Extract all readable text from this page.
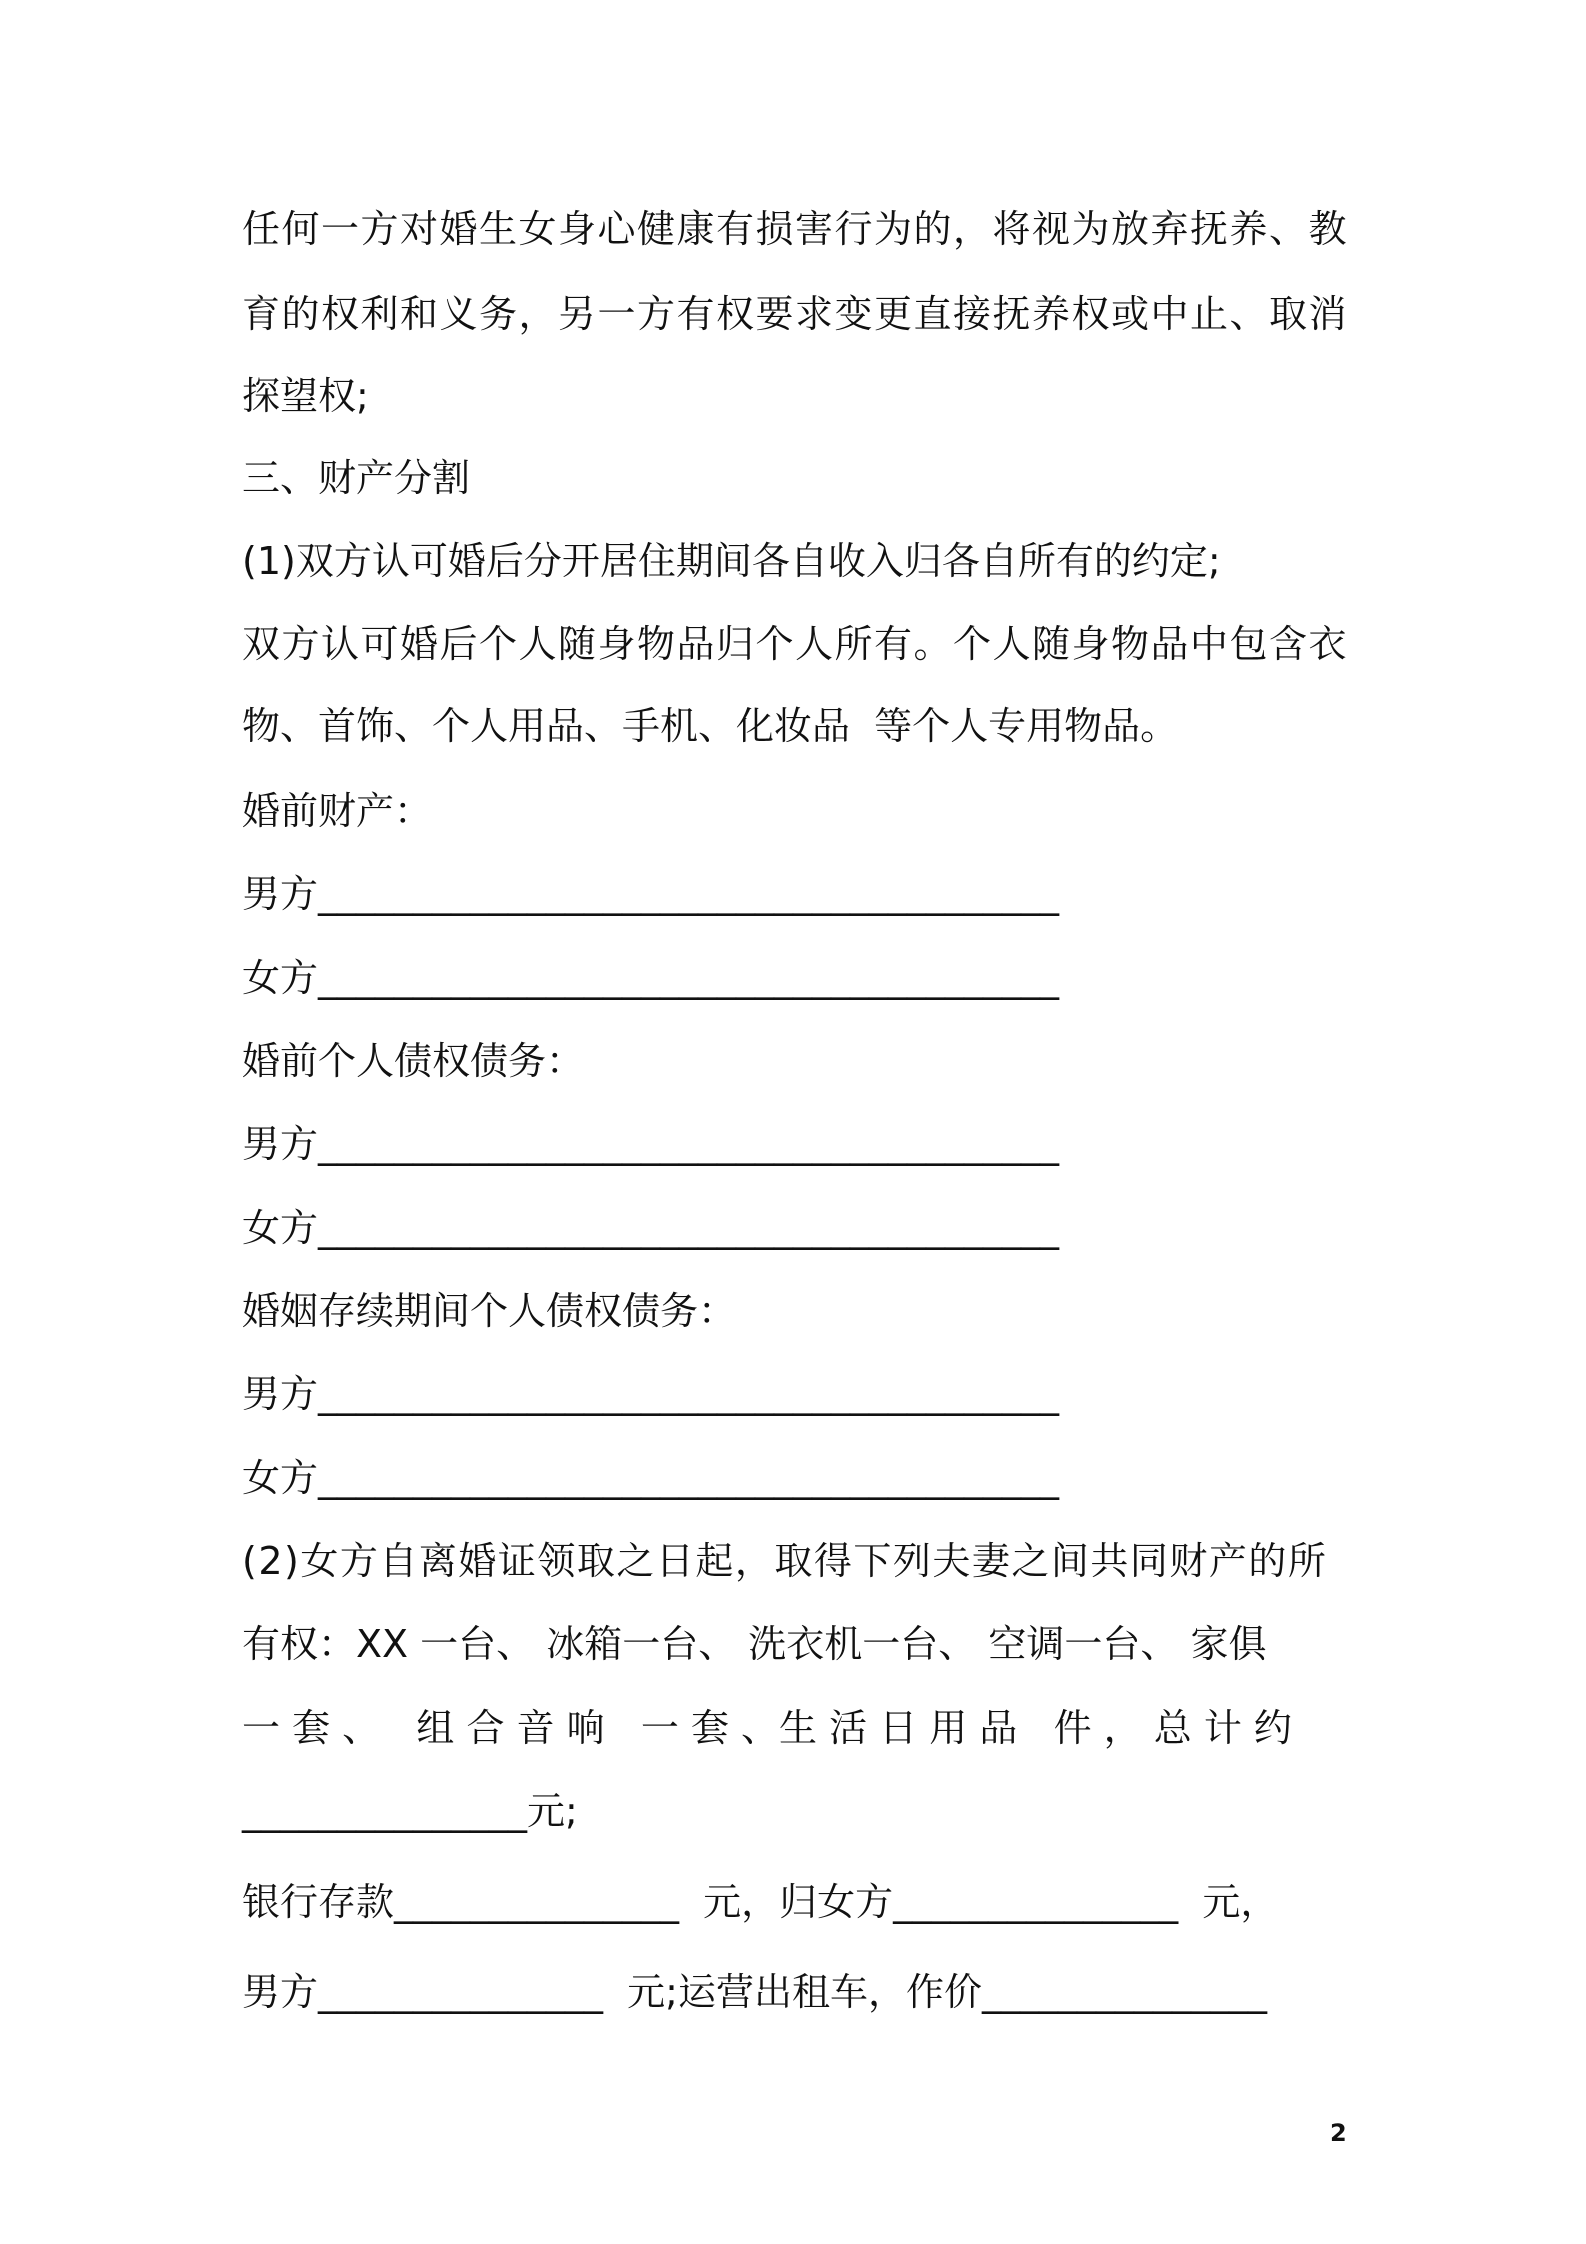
任何一方对婚生女身心健康有损害行为的，将视为放弃抚养、教
育的权利和义务，另一方有权要求变更直接抚养权或中止、取消
探望权;
三、财产分割
(1)双方认可婚后分开居住期间各自收入归各自所有的约定;
双方认可婚后个人随身物品归个人所有。个人随身物品中包含衣
物、首饰、个人用品、手机、化妆品  等个人专用物品。
婚前财产：
男方_______________________________________
女方_______________________________________
婚前个人债权债务：
男方_______________________________________
女方_______________________________________
婚姻存续期间个人债权债务：
男方_______________________________________
女方_______________________________________
(2)女方自离婚证领取之日起，取得下列夫妻之间共同财产的所
有权：XX 一台、 冰箱一台、 洗衣机一台、 空调一台、 家俱
一 套 、   组 合 音 响   一 套 、生 活 日 用 品   件 ， 总 计 约
_______________元;
银行存款_______________  元，归女方_______________  元，
男方_______________  元;运营出租车，作价_______________
2
